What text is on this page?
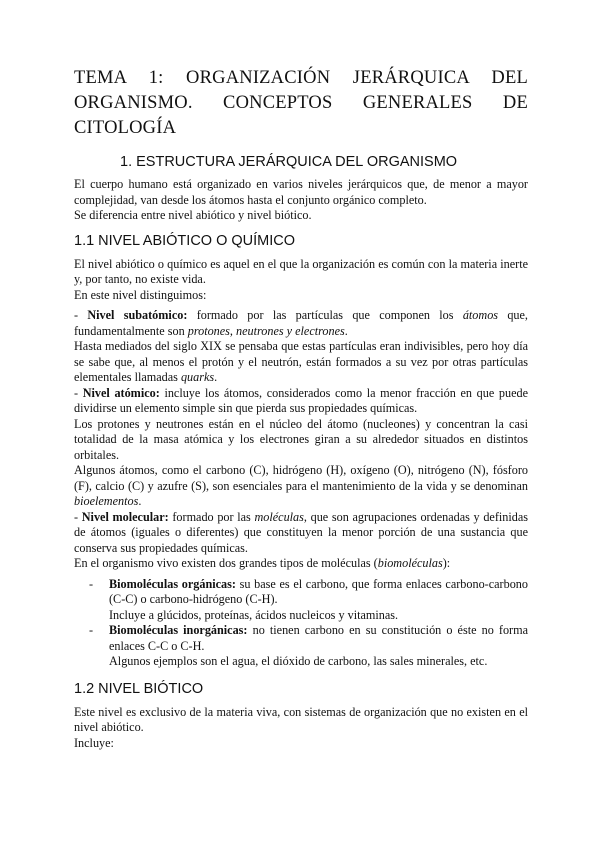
TEMA 1: ORGANIZACIÓN JERÁRQUICA DEL ORGANISMO. CONCEPTOS GENERALES DE CITOLOGÍA
1. ESTRUCTURA JERÁRQUICA DEL ORGANISMO

El cuerpo humano está organizado en varios niveles jerárquicos que, de menor a mayor complejidad, van desde los átomos hasta el conjunto orgánico completo.

Se diferencia entre nivel abiótico y nivel biótico.

1.1 NIVEL ABIÓTICO O QUÍMICO

El nivel abiótico o químico es aquel en el que la organización es común con la materia inerte y, por tanto, no existe vida.

En este nivel distinguimos:

- Nivel subatómico: formado por las partículas que componen los átomos que, fundamentalmente son protones, neutrones y electrones.

Hasta mediados del siglo XIX se pensaba que estas partículas eran indivisibles, pero hoy día se sabe que, al menos el protón y el neutrón, están formados a su vez por otras partículas elementales llamadas quarks.

- Nivel atómico: incluye los átomos, considerados como la menor fracción en que puede dividirse un elemento simple sin que pierda sus propiedades químicas.

Los protones y neutrones están en el núcleo del átomo (nucleones) y concentran la casi totalidad de la masa atómica y los electrones giran a su alrededor situados en distintos orbitales.

Algunos átomos, como el carbono (C), hidrógeno (H), oxígeno (O), nitrógeno (N), fósforo (F), calcio (C) y azufre (S), son esenciales para el mantenimiento de la vida y se denominan bioelementos.

- Nivel molecular: formado por las moléculas, que son agrupaciones ordenadas y definidas de átomos (iguales o diferentes) que constituyen la menor porción de una sustancia que conserva sus propiedades químicas.

En el organismo vivo existen dos grandes tipos de moléculas (biomoléculas):

- Biomoléculas orgánicas: su base es el carbono, que forma enlaces carbono-carbono (C-C) o carbono-hidrógeno (C-H).
Incluye a glúcidos, proteínas, ácidos nucleicos y vitaminas.
- Biomoléculas inorgánicas: no tienen carbono en su constitución o éste no forma enlaces C-C o C-H.
Algunos ejemplos son el agua, el dióxido de carbono, las sales minerales, etc.
1.2 NIVEL BIÓTICO

Este nivel es exclusivo de la materia viva, con sistemas de organización que no existen en el nivel abiótico.

Incluye:
